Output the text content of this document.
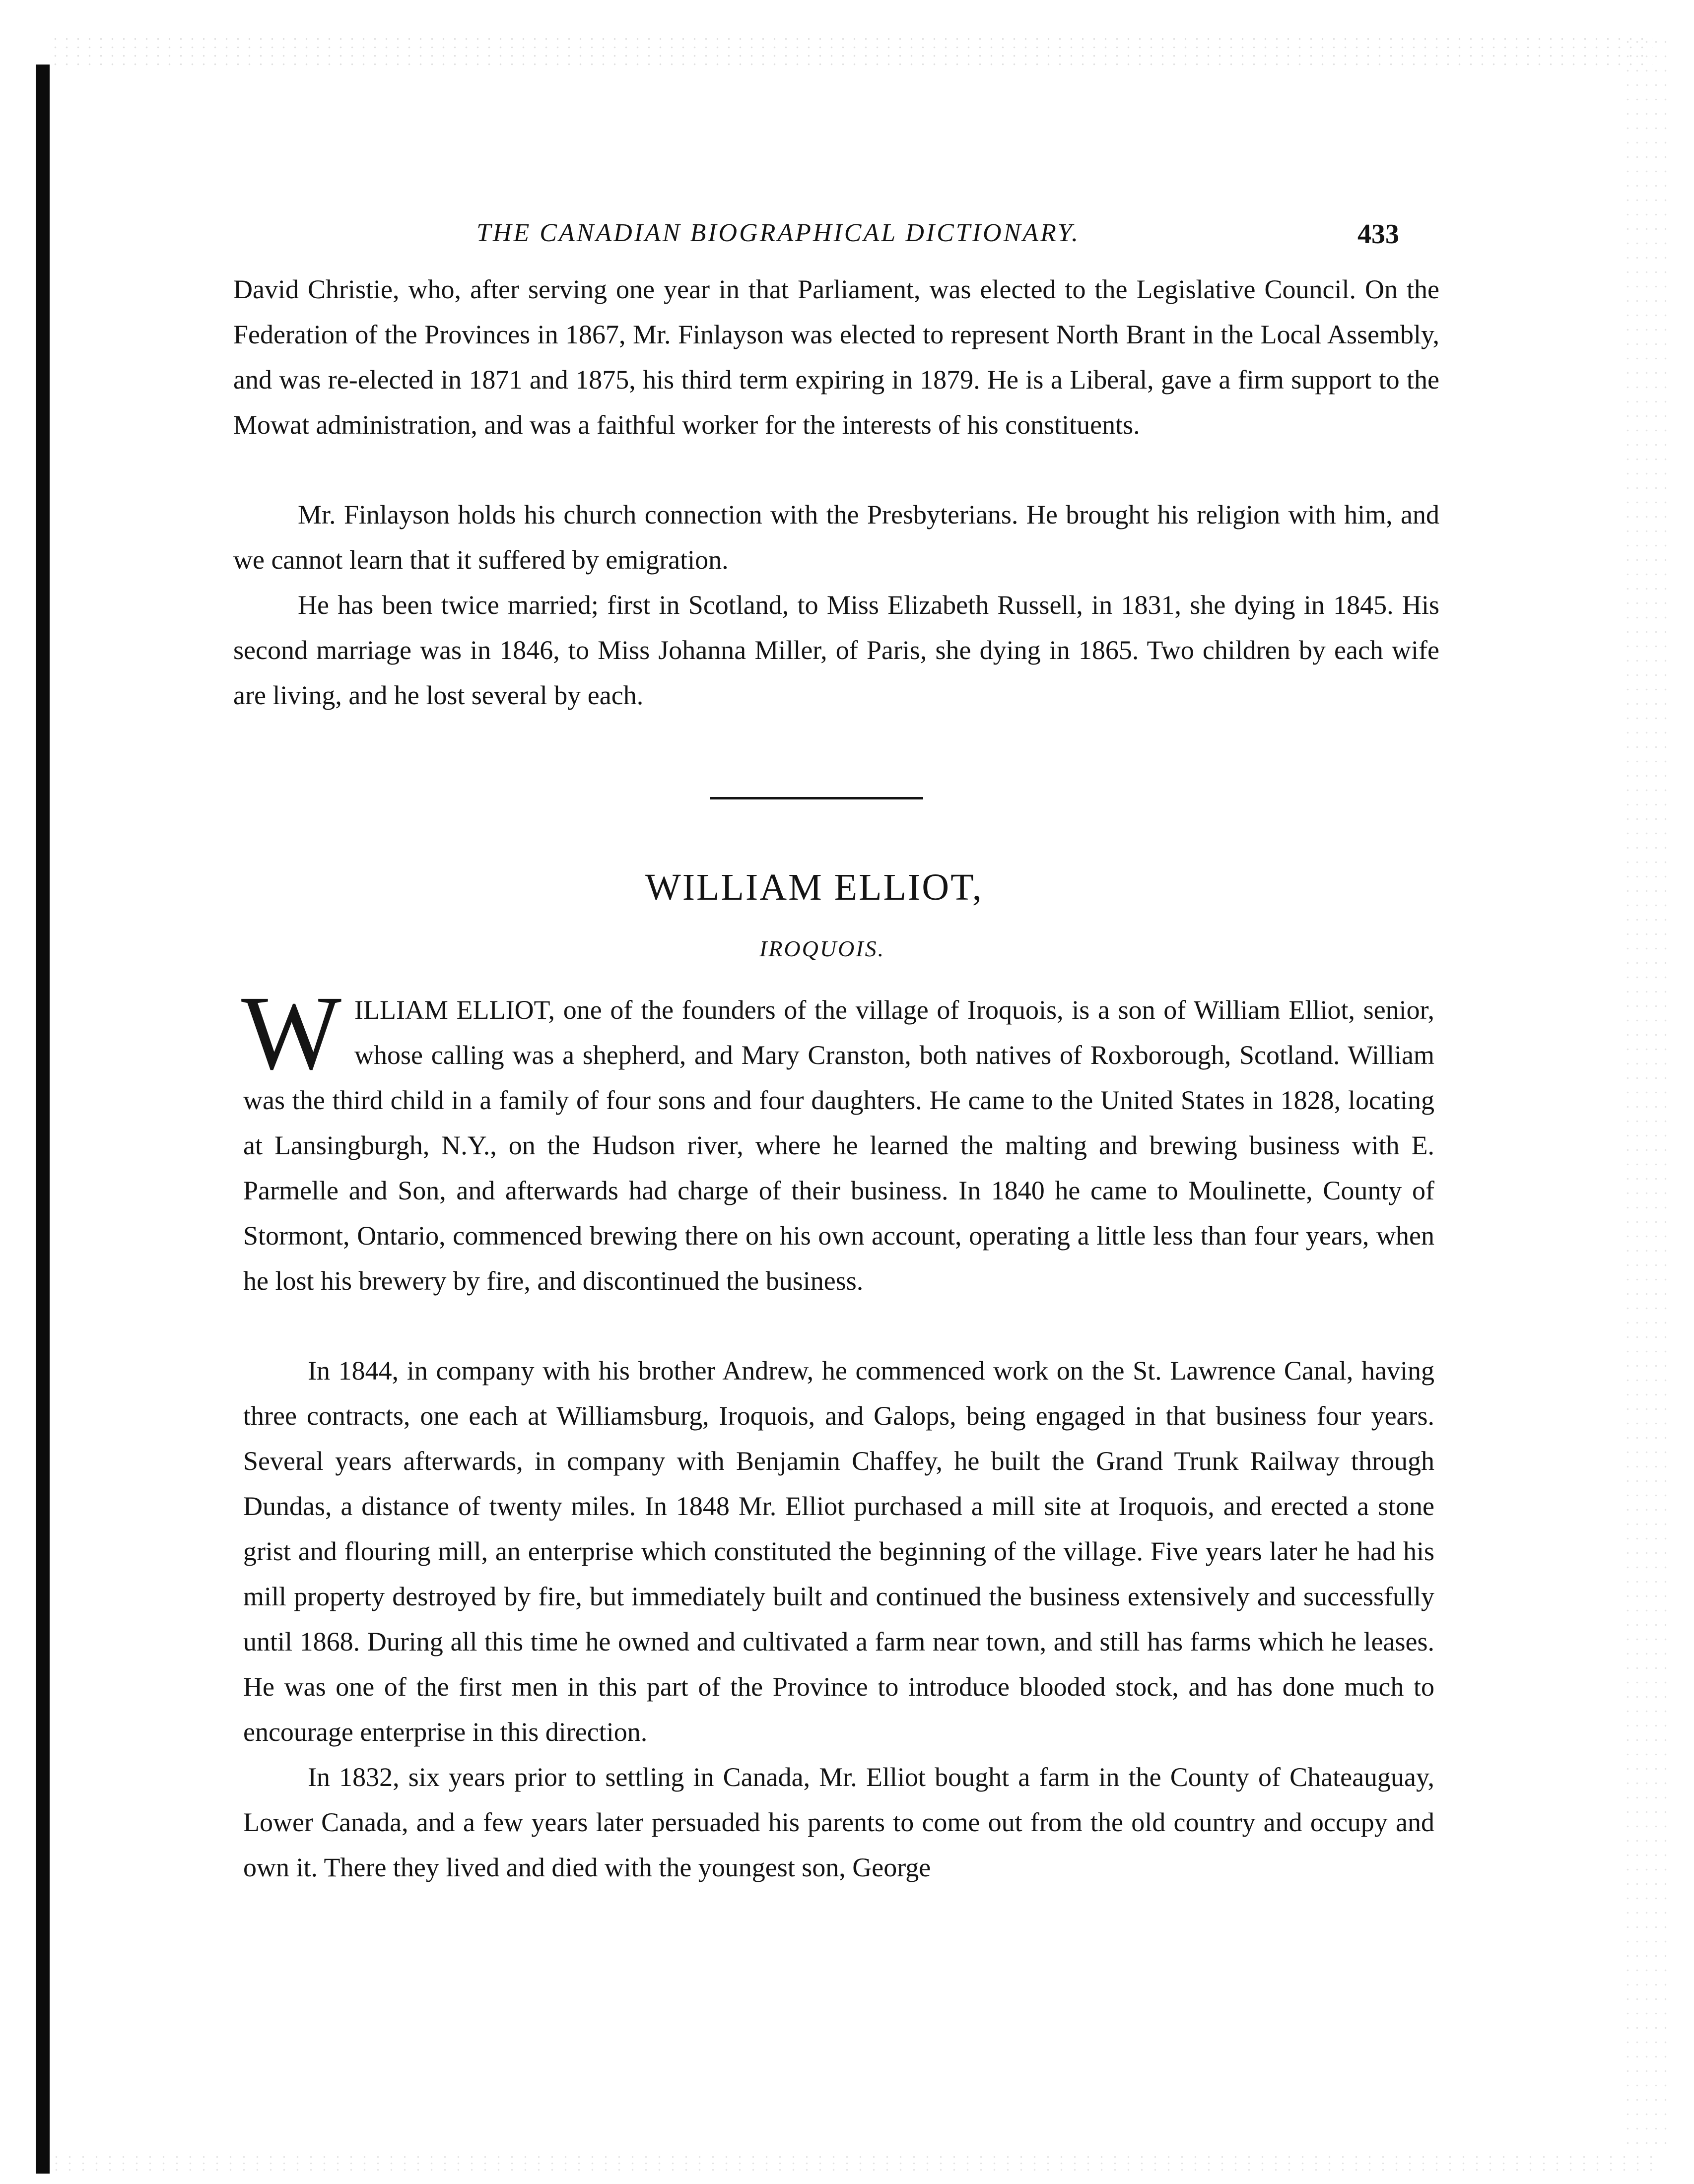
THE CANADIAN BIOGRAPHICAL DICTIONARY.	433

David Christie, who, after serving one year in that Parliament, was elected to the Legislative Council. On the Federation of the Provinces in 1867, Mr. Finlayson was elected to represent North Brant in the Local Assembly, and was re-elected in 1871 and 1875, his third term expiring in 1879. He is a Liberal, gave a firm support to the Mowat administration, and was a faithful worker for the interests of his constituents.

Mr. Finlayson holds his church connection with the Presbyterians. He brought his religion with him, and we cannot learn that it suffered by emigration.

He has been twice married; first in Scotland, to Miss Elizabeth Russell, in 1831, she dying in 1845. His second marriage was in 1846, to Miss Johanna Miller, of Paris, she dying in 1865. Two children by each wife are living, and he lost several by each.

WILLIAM ELLIOT,
IROQUOIS.

WILLIAM ELLIOT, one of the founders of the village of Iroquois, is a son of William Elliot, senior, whose calling was a shepherd, and Mary Cranston, both natives of Roxborough, Scotland. William was the third child in a family of four sons and four daughters. He came to the United States in 1828, locating at Lansingburgh, N.Y., on the Hudson river, where he learned the malting and brewing business with E. Parmelle and Son, and afterwards had charge of their business. In 1840 he came to Moulinette, County of Stormont, Ontario, commenced brewing there on his own account, operating a little less than four years, when he lost his brewery by fire, and discontinued the business.

In 1844, in company with his brother Andrew, he commenced work on the St. Lawrence Canal, having three contracts, one each at Williamsburg, Iroquois, and Galops, being engaged in that business four years. Several years afterwards, in company with Benjamin Chaffey, he built the Grand Trunk Railway through Dundas, a distance of twenty miles. In 1848 Mr. Elliot purchased a mill site at Iroquois, and erected a stone grist and flouring mill, an enterprise which constituted the beginning of the village. Five years later he had his mill property destroyed by fire, but immediately built and continued the business extensively and successfully until 1868. During all this time he owned and cultivated a farm near town, and still has farms which he leases. He was one of the first men in this part of the Province to introduce blooded stock, and has done much to encourage enterprise in this direction.

In 1832, six years prior to settling in Canada, Mr. Elliot bought a farm in the County of Chateauguay, Lower Canada, and a few years later persuaded his parents to come out from the old country and occupy and own it. There they lived and died with the youngest son, George
